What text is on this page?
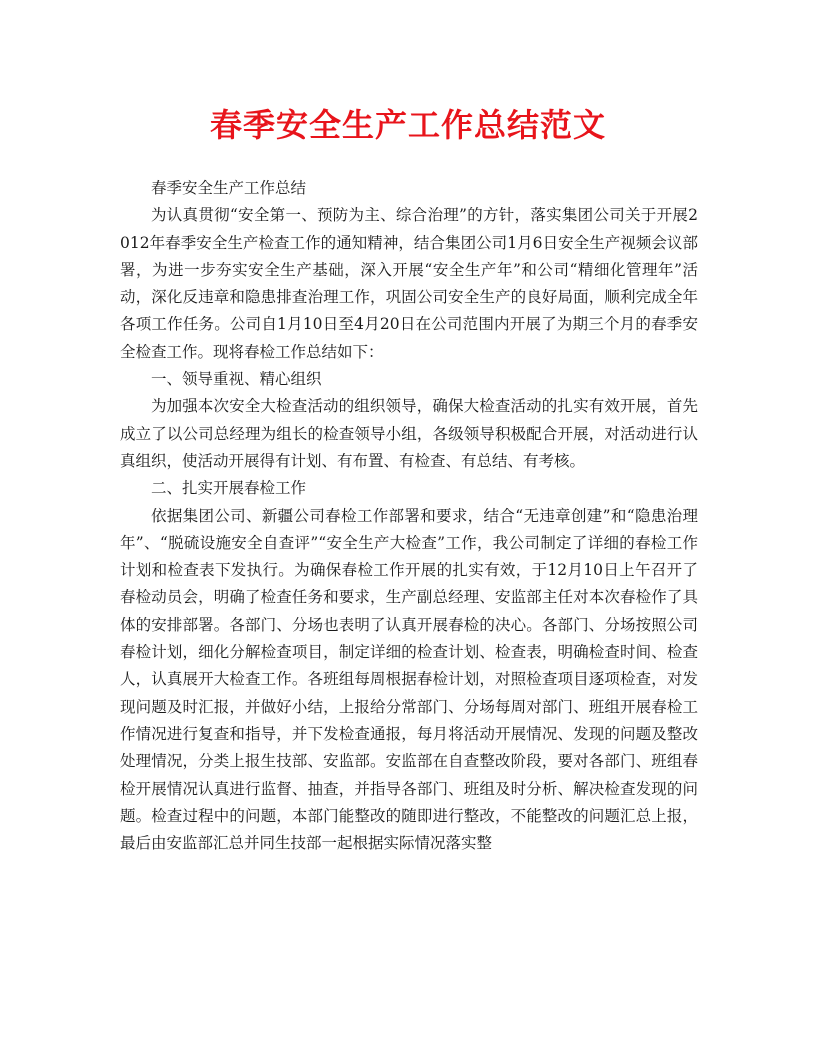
春季安全生产工作总结范文

春季安全生产工作总结

为认真贯彻“安全第一、预防为主、综合治理”的方针，落实集团公司关于开展2012年春季安全生产检查工作的通知精神，结合集团公司1月6日安全生产视频会议部署，为进一步夯实安全生产基础，深入开展“安全生产年”和公司“精细化管理年”活动，深化反违章和隐患排查治理工作，巩固公司安全生产的良好局面，顺利完成全年各项工作任务。公司自1月10日至4月20日在公司范围内开展了为期三个月的春季安全检查工作。现将春检工作总结如下：

一、领导重视、精心组织

为加强本次安全大检查活动的组织领导，确保大检查活动的扎实有效开展，首先成立了以公司总经理为组长的检查领导小组，各级领导积极配合开展，对活动进行认真组织，使活动开展得有计划、有布置、有检查、有总结、有考核。

二、扎实开展春检工作

依据集团公司、新疆公司春检工作部署和要求，结合“无违章创建”和“隐患治理年”、“脱硫设施安全自查评”“安全生产大检查”工作，我公司制定了详细的春检工作计划和检查表下发执行。为确保春检工作开展的扎实有效，于12月10日上午召开了春检动员会，明确了检查任务和要求，生产副总经理、安监部主任对本次春检作了具体的安排部署。各部门、分场也表明了认真开展春检的决心。各部门、分场按照公司春检计划，细化分解检查项目，制定详细的检查计划、检查表，明确检查时间、检查人，认真展开大检查工作。各班组每周根据春检计划，对照检查项目逐项检查，对发现问题及时汇报，并做好小结，上报给分常部门、分场每周对部门、班组开展春检工作情况进行复查和指导，并下发检查通报，每月将活动开展情况、发现的问题及整改处理情况，分类上报生技部、安监部。安监部在自查整改阶段，要对各部门、班组春检开展情况认真进行监督、抽查，并指导各部门、班组及时分析、解决检查发现的问题。检查过程中的问题，本部门能整改的随即进行整改，不能整改的问题汇总上报，最后由安监部汇总并同生技部一起根据实际情况落实整
